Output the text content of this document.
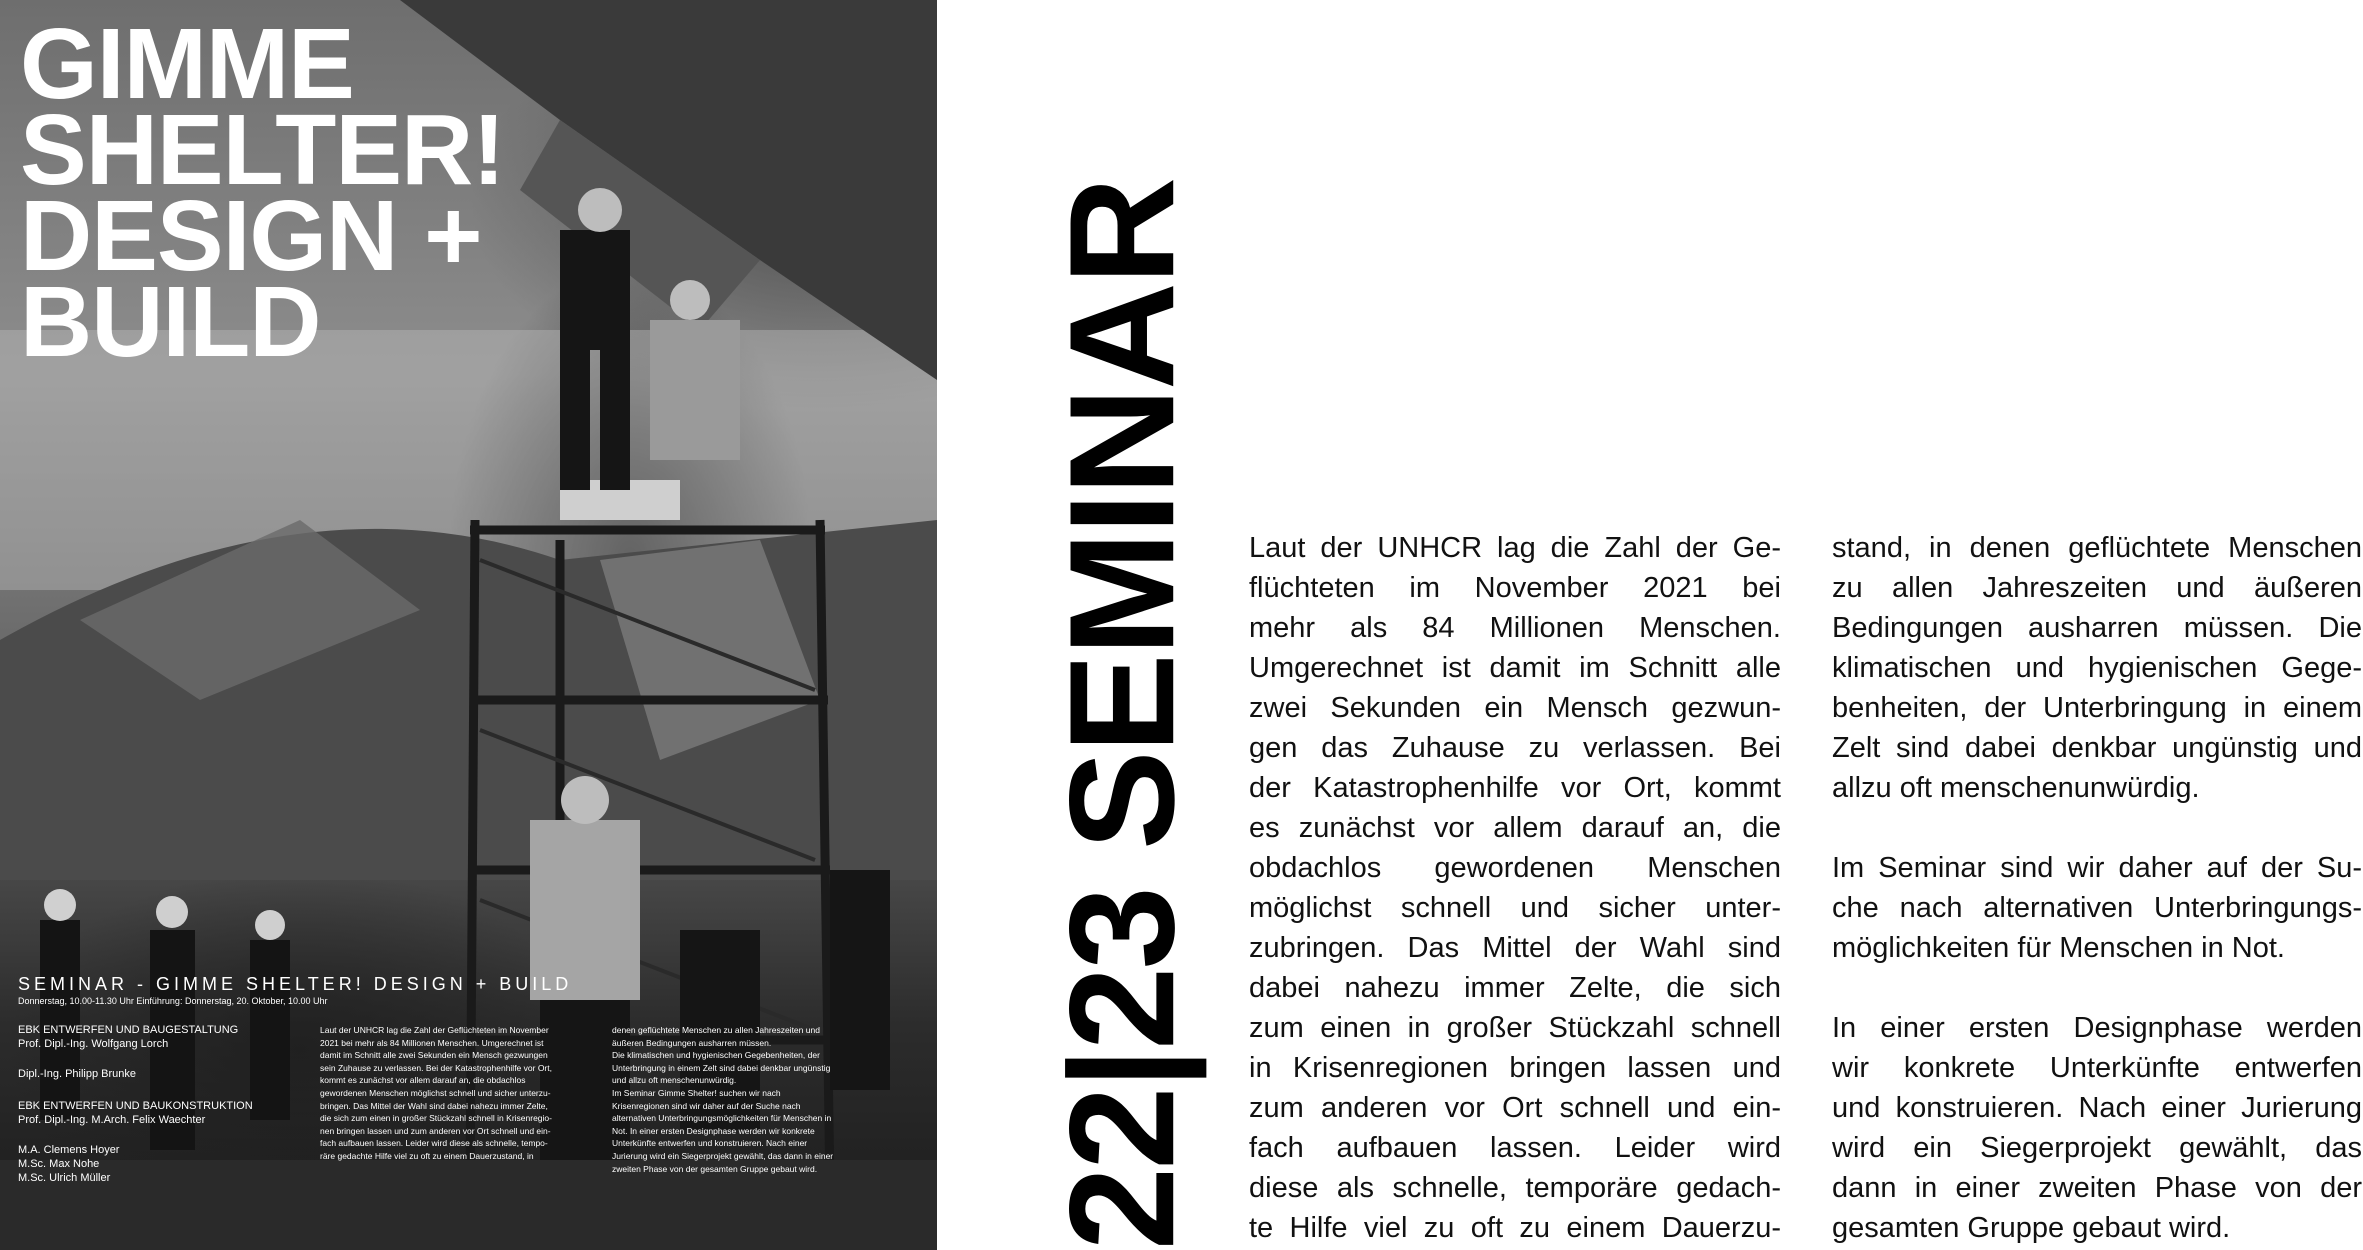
GIMME
SHELTER!
DESIGN +
BUILD
SEMINAR - GIMME SHELTER! DESIGN + BUILD
Donnerstag, 10.00-11.30 Uhr Einführung: Donnerstag, 20. Oktober, 10.00 Uhr
EBK ENTWERFEN UND BAUGESTALTUNG
Prof. Dipl.-Ing. Wolfgang Lorch
Dipl.-Ing. Philipp Brunke
EBK ENTWERFEN UND BAUKONSTRUKTION
Prof. Dipl.-Ing. M.Arch. Felix Waechter
M.A. Clemens Hoyer
M.Sc. Max Nohe
M.Sc. Ulrich Müller
Laut der UNHCR lag die Zahl der Geflüchteten im November
2021 bei mehr als 84 Millionen Menschen. Umgerechnet ist
damit im Schnitt alle zwei Sekunden ein Mensch gezwungen
sein Zuhause zu verlassen. Bei der Katastrophenhilfe vor Ort,
kommt es zunächst vor allem darauf an, die obdachlos
gewordenen Menschen möglichst schnell und sicher unterzu-
bringen. Das Mittel der Wahl sind dabei nahezu immer Zelte,
die sich zum einen in großer Stückzahl schnell in Krisenregio-
nen bringen lassen und zum anderen vor Ort schnell und ein-
fach aufbauen lassen. Leider wird diese als schnelle, tempo-
räre gedachte Hilfe viel zu oft zu einem Dauerzustand, in
denen geflüchtete Menschen zu allen Jahreszeiten und
äußeren Bedingungen ausharren müssen.
Die klimatischen und hygienischen Gegebenheiten, der
Unterbringung in einem Zelt sind dabei denkbar ungünstig
und allzu oft menschenunwürdig.
Im Seminar Gimme Shelter! suchen wir nach
Krisenregionen sind wir daher auf der Suche nach
alternativen Unterbringungsmöglichkeiten für Menschen in
Not. In einer ersten Designphase werden wir konkrete
Unterkünfte entwerfen und konstruieren. Nach einer
Jurierung wird ein Siegerprojekt gewählt, das dann in einer
zweiten Phase von der gesamten Gruppe gebaut wird.	22|23 SEMINAR Laut der UNHCR lag die Zahl der Ge-
flüchteten im November 2021 bei
mehr als 84 Millionen Menschen.
Umgerechnet ist damit im Schnitt alle
zwei Sekunden ein Mensch gezwun-
gen das Zuhause zu verlassen. Bei
der Katastrophenhilfe vor Ort, kommt
es zunächst vor allem darauf an, die
obdachlos gewordenen Menschen
möglichst schnell und sicher unter-
zubringen. Das Mittel der Wahl sind
dabei nahezu immer Zelte, die sich
zum einen in großer Stückzahl schnell
in Krisenregionen bringen lassen und
zum anderen vor Ort schnell und ein-
fach aufbauen lassen. Leider wird
diese als schnelle, temporäre gedach-
te Hilfe viel zu oft zu einem Dauerzu-
stand, in denen geflüchtete Menschen
zu allen Jahreszeiten und äußeren
Bedingungen ausharren müssen. Die
klimatischen und hygienischen Gege-
benheiten, der Unterbringung in einem
Zelt sind dabei denkbar ungünstig und
allzu oft menschenunwürdig.
Im Seminar sind wir daher auf der Su-
che nach alternativen Unterbringungs-
möglichkeiten für Menschen in Not.
In einer ersten Designphase werden
wir konkrete Unterkünfte entwerfen
und konstruieren. Nach einer Jurierung
wird ein Siegerprojekt gewählt, das
dann in einer zweiten Phase von der
gesamten Gruppe gebaut wird.
